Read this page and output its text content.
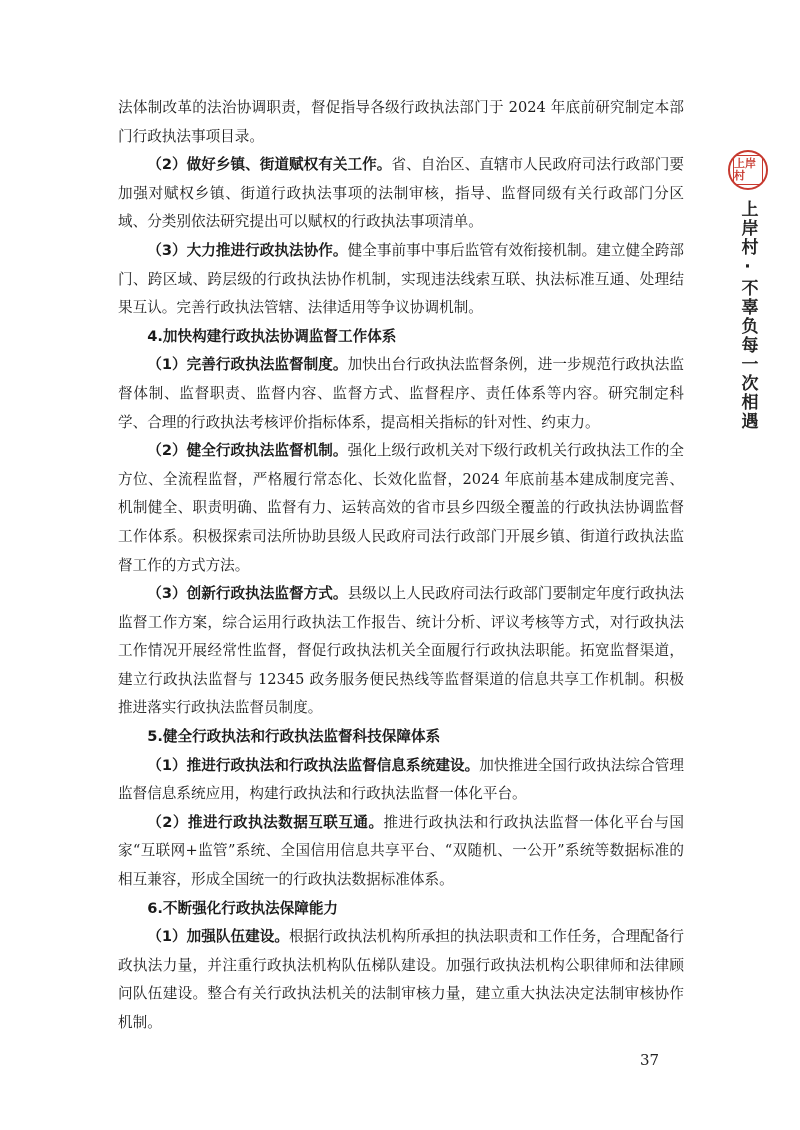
法体制改革的法治协调职责，督促指导各级行政执法部门于 2024 年底前研究制定本部门行政执法事项目录。

（2）做好乡镇、街道赋权有关工作。省、自治区、直辖市人民政府司法行政部门要加强对赋权乡镇、街道行政执法事项的法制审核，指导、监督同级有关行政部门分区域、分类别依法研究提出可以赋权的行政执法事项清单。

（3）大力推进行政执法协作。健全事前事中事后监管有效衔接机制。建立健全跨部门、跨区域、跨层级的行政执法协作机制，实现违法线索互联、执法标准互通、处理结果互认。完善行政执法管辖、法律适用等争议协调机制。

4.加快构建行政执法协调监督工作体系

（1）完善行政执法监督制度。加快出台行政执法监督条例，进一步规范行政执法监督体制、监督职责、监督内容、监督方式、监督程序、责任体系等内容。研究制定科学、合理的行政执法考核评价指标体系，提高相关指标的针对性、约束力。

（2）健全行政执法监督机制。强化上级行政机关对下级行政机关行政执法工作的全方位、全流程监督，严格履行常态化、长效化监督，2024 年底前基本建成制度完善、机制健全、职责明确、监督有力、运转高效的省市县乡四级全覆盖的行政执法协调监督工作体系。积极探索司法所协助县级人民政府司法行政部门开展乡镇、街道行政执法监督工作的方式方法。

（3）创新行政执法监督方式。县级以上人民政府司法行政部门要制定年度行政执法监督工作方案，综合运用行政执法工作报告、统计分析、评议考核等方式，对行政执法工作情况开展经常性监督，督促行政执法机关全面履行行政执法职能。拓宽监督渠道，建立行政执法监督与 12345 政务服务便民热线等监督渠道的信息共享工作机制。积极推进落实行政执法监督员制度。

5.健全行政执法和行政执法监督科技保障体系

（1）推进行政执法和行政执法监督信息系统建设。加快推进全国行政执法综合管理监督信息系统应用，构建行政执法和行政执法监督一体化平台。

（2）推进行政执法数据互联互通。推进行政执法和行政执法监督一体化平台与国家“互联网+监管”系统、全国信用信息共享平台、“双随机、一公开”系统等数据标准的相互兼容，形成全国统一的行政执法数据标准体系。

6.不断强化行政执法保障能力

（1）加强队伍建设。根据行政执法机构所承担的执法职责和工作任务，合理配备行政执法力量，并注重行政执法机构队伍梯队建设。加强行政执法机构公职律师和法律顾问队伍建设。整合有关行政执法机关的法制审核力量，建立重大执法决定法制审核协作机制。

上岸村
上岸村·不辜负每一次相遇
37
